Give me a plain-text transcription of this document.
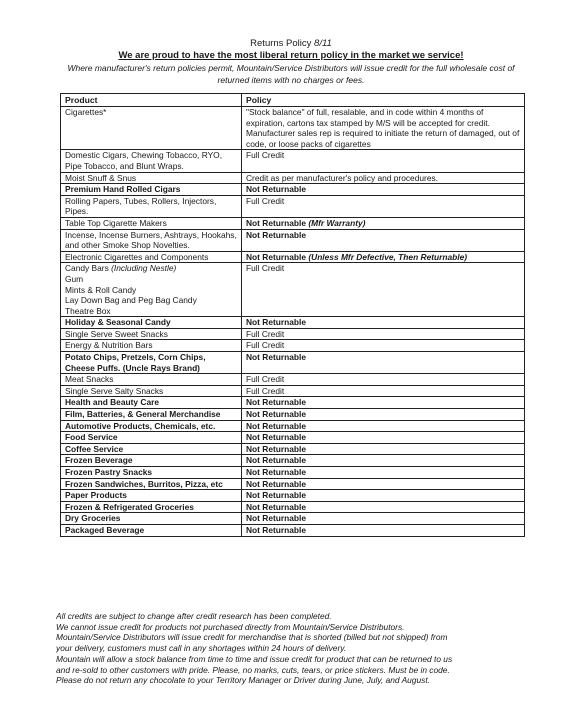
Returns Policy 8/11
We are proud to have the most liberal return policy in the market we service!
Where manufacturer's return policies permit, Mountain/Service Distributors will issue credit for the full wholesale cost of returned items with no charges or fees.
Product	Policy

Cigarettes*	"Stock balance" of full, resalable, and in code within 4 months of expiration, cartons tax stamped by M/S will be accepted for credit.
Manufacturer sales rep is required to initiate the return of damaged, out of code, or loose packs of cigarettes

Domestic Cigars, Chewing Tobacco, RYO, Pipe Tobacco, and Blunt Wraps.	Full Credit

Moist Snuff & Snus	Credit as per manufacturer's policy and procedures.

Premium Hand Rolled Cigars	Not Returnable

Rolling Papers, Tubes, Rollers, Injectors, Pipes.	Full Credit

Table Top Cigarette Makers	Not Returnable (Mfr Warranty)

Incense, Incense Burners, Ashtrays, Hookahs, and other Smoke Shop Novelties.	Not Returnable

Electronic Cigarettes and Components	Not Returnable (Unless Mfr Defective, Then Returnable)

Candy Bars (Including Nestle)
Gum
Mints & Roll Candy
Lay Down Bag and Peg Bag Candy
Theatre Box	Full Credit

Holiday & Seasonal Candy	Not Returnable

Single Serve Sweet Snacks	Full Credit

Energy & Nutrition Bars	Full Credit

Potato Chips, Pretzels, Corn Chips, Cheese Puffs. (Uncle Rays Brand)	Not Returnable

Meat Snacks	Full Credit

Single Serve Salty Snacks	Full Credit

Health and Beauty Care	Not Returnable

Film, Batteries, & General Merchandise	Not Returnable

Automotive Products, Chemicals, etc.	Not Returnable

Food Service	Not Returnable

Coffee Service	Not Returnable

Frozen Beverage	Not Returnable

Frozen Pastry Snacks	Not Returnable

Frozen Sandwiches, Burritos, Pizza, etc	Not Returnable

Paper Products	Not Returnable

Frozen & Refrigerated Groceries	Not Returnable

Dry Groceries	Not Returnable

Packaged Beverage	Not Returnable
All credits are subject to change after credit research has been completed.
We cannot issue credit for products not purchased directly from Mountain/Service Distributors.
Mountain/Service Distributors will issue credit for merchandise that is shorted (billed but not shipped) from
your delivery, customers must call in any shortages within 24 hours of delivery.
Mountain will allow a stock balance from time to time and issue credit for product that can be returned to us
and re-sold to other customers with pride. Please, no marks, cuts, tears, or price stickers. Must be in code.
Please do not return any chocolate to your Territory Manager or Driver during June, July, and August.
